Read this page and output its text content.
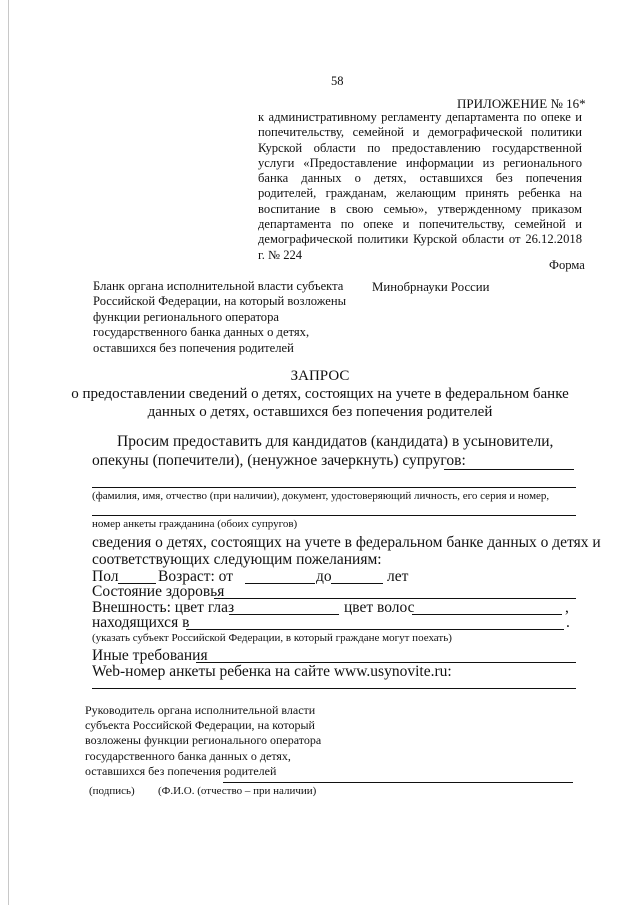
58
ПРИЛОЖЕНИЕ № 16*
к административному регламенту департамента по опеке и попечительству, семейной и демографической политики Курской области по предоставлению государственной услуги «Предоставление информации из регионального банка данных о детях, оставшихся без попечения родителей, гражданам, желающим принять ребенка на воспитание в свою семью», утвержденному приказом департамента по опеке и попечительству, семейной и демографической политики Курской области от 26.12.2018 г. № 224
Форма
Бланк органа исполнительной власти субъекта Российской Федерации, на который возложены функции регионального оператора государственного банка данных о детях, оставшихся без попечения родителей
Минобрнауки России
ЗАПРОС
о предоставлении сведений о детях, состоящих на учете в федеральном банке
данных о детях, оставшихся без попечения родителей
Просим предоставить для кандидатов (кандидата) в усыновители,
опекуны (попечители), (ненужное зачеркнуть) супругов:
(фамилия, имя, отчество (при наличии), документ, удостоверяющий личность, его серия и номер,
номер анкеты гражданина (обоих супругов)
сведения о детях, состоящих на учете в федеральном банке данных о детях и
соответствующих следующим пожеланиям:
Пол	Возраст: от	до	лет
Состояние здоровья
Внешность: цвет глаз	цвет волос	,
находящихся в	.
(указать субъект Российской Федерации, в который граждане могут поехать)
Иные требования
Web-номер анкеты ребенка на сайте www.usynovite.ru:
Руководитель органа исполнительной власти субъекта Российской Федерации, на который возложены функции регионального оператора государственного банка данных о детях, оставшихся без попечения родителей
(подпись) (Ф.И.О. (отчество – при наличии)
